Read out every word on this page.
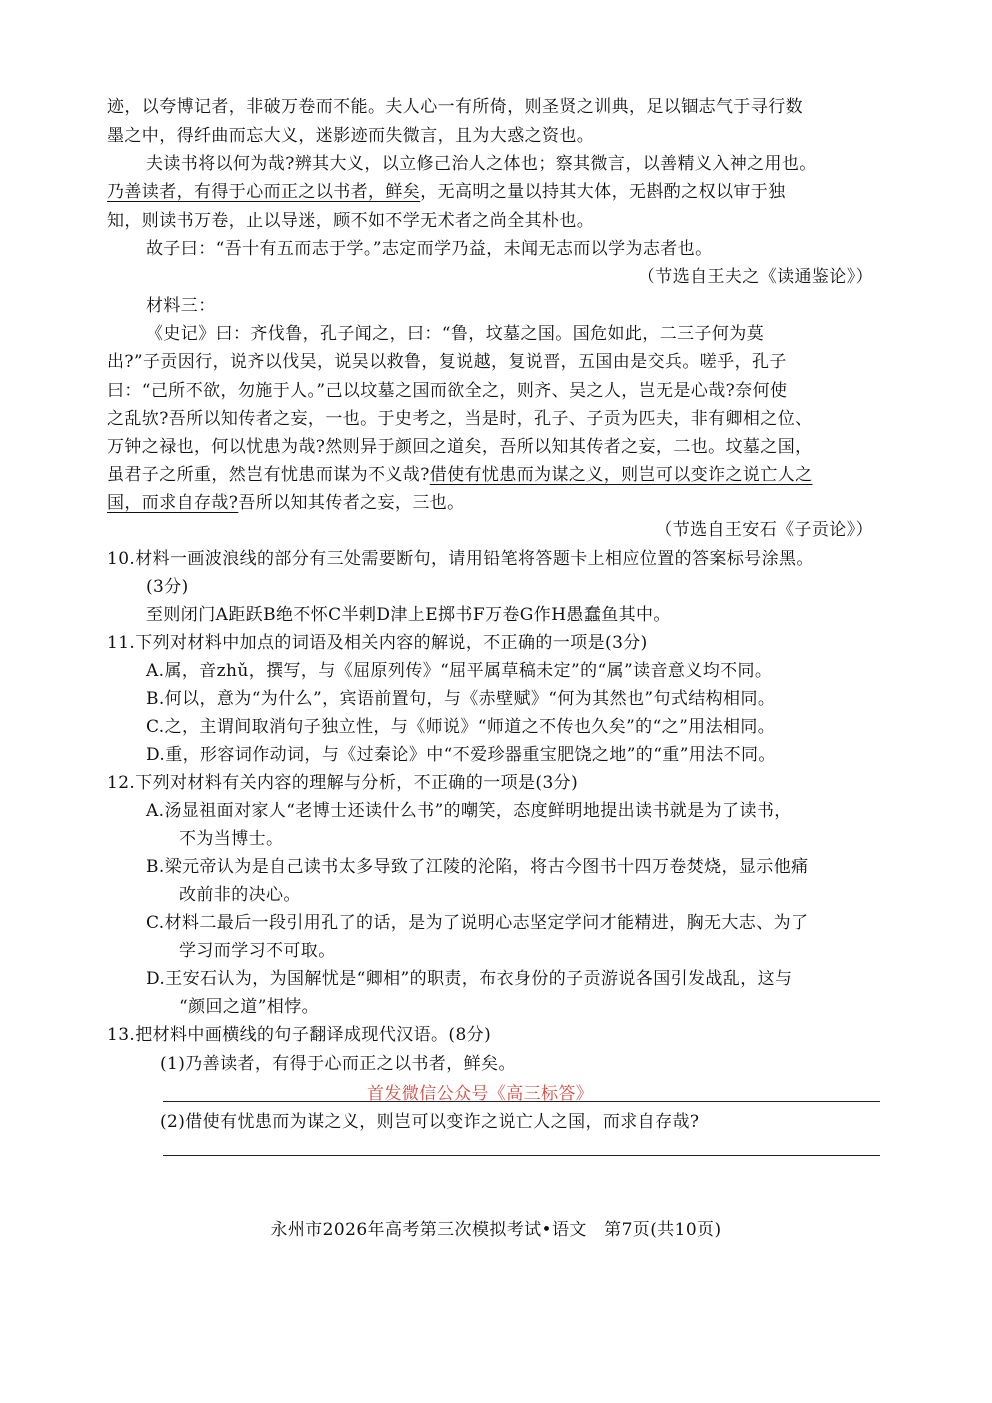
迹，以夸博记者，非破万卷而不能。夫人心一有所倚，则圣贤之训典，足以锢志气于寻行数
墨之中，得纤曲而忘大义，迷影迹而失微言，且为大惑之资也。
夫读书将以何为哉?辨其大义，以立修己治人之体也；察其微言，以善精义入神之用也。
乃善读者，有得于心而正之以书者，鲜矣，无高明之量以持其大体，无斟酌之权以审于独
知，则读书万卷，止以导迷，顾不如不学无术者之尚全其朴也。
故子曰：“吾十有五而志于学。”志定而学乃益，未闻无志而以学为志者也。
（节选自王夫之《读通鉴论》）
材料三：
《史记》曰：齐伐鲁，孔子闻之，曰：“鲁，坟墓之国。国危如此，二三子何为莫
出?”子贡因行，说齐以伐吴，说吴以救鲁，复说越，复说晋，五国由是交兵。嗟乎，孔子
曰：“己所不欲，勿施于人。”己以坟墓之国而欲全之，则齐、吴之人，岂无是心哉?奈何使
之乱欤?吾所以知传者之妄，一也。于史考之，当是时，孔子、子贡为匹夫，非有卿相之位、
万钟之禄也，何以忧患为哉?然则异于颜回之道矣，吾所以知其传者之妄，二也。坟墓之国，
虽君子之所重，然岂有忧患而谋为不义哉?借使有忧患而为谋之义，则岂可以变诈之说亡人之
国，而求自存哉?吾所以知其传者之妄，三也。
（节选自王安石《子贡论》）
10.材料一画波浪线的部分有三处需要断句，请用铅笔将答题卡上相应位置的答案标号涂黑。
(3分)
至则闭门A距跃B绝不怀C半剌D津上E掷书F万卷G作H愚蠢鱼其中。
11.下列对材料中加点的词语及相关内容的解说，不正确的一项是(3分)
A.属，音zhǔ，撰写，与《屈原列传》“屈平属草稿未定”的“属”读音意义均不同。
B.何以，意为“为什么”，宾语前置句，与《赤壁赋》“何为其然也”句式结构相同。
C.之，主谓间取消句子独立性，与《师说》“师道之不传也久矣”的“之”用法相同。
D.重，形容词作动词，与《过秦论》中“不爱珍器重宝肥饶之地”的“重”用法不同。
12.下列对材料有关内容的理解与分析，不正确的一项是(3分)
A.汤显祖面对家人“老博士还读什么书”的嘲笑，态度鲜明地提出读书就是为了读书，
不为当博士。
B.梁元帝认为是自己读书太多导致了江陵的沦陷，将古今图书十四万卷焚烧，显示他痛
改前非的决心。
C.材料二最后一段引用孔了的话，是为了说明心志坚定学问才能精进，胸无大志、为了
学习而学习不可取。
D.王安石认为，为国解忧是“卿相”的职责，布衣身份的子贡游说各国引发战乱，这与
“颜回之道”相悖。
13.把材料中画横线的句子翻译成现代汉语。(8分)
(1)乃善读者，有得于心而正之以书者，鲜矣。
首发微信公众号《高三标答》
(2)借使有忧患而为谋之义，则岂可以变诈之说亡人之国，而求自存哉?
永州市2026年高考第三次模拟考试•语文　第7页(共10页)
